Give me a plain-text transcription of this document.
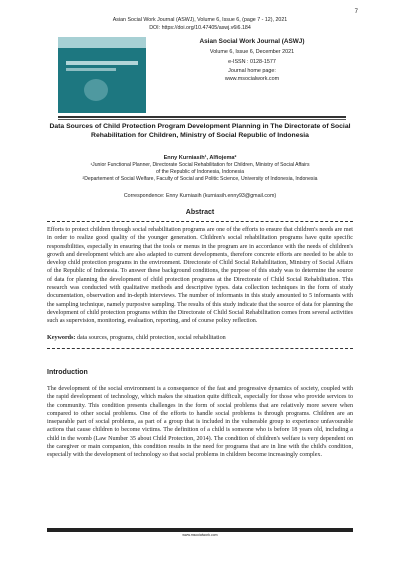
7
Asian Social Work Journal (ASWJ), Volume 6, Issue 6, (page 7 - 12), 2021
DOI: https://doi.org/10.47405/aswj.v6i6.184
Asian Social Work Journal (ASWJ)
Volume 6, Issue 6, December 2021
e-ISSN : 0128-1577
Journal home page:
www.msocialwork.com
Data Sources of Child Protection Program Development Planning in The Directorate of Social Rehabilitation for Children, Ministry of Social Republic of Indonesia
Enny Kurniasih¹, Alfiojema²
¹Junior Functional Planner, Directorate Social Rehabilitation for Children, Ministry of Social Affairs
of the Republic of Indonesia, Indonesia
²Departement of Social Welfare, Faculty of Social and Politic Science, University of Indonesia, Indonesia
Correspondence: Enny Kurniasih (kurniasih.enny93@gmail.com)
Abstract
Efforts to protect children through social rehabilitation programs are one of the efforts to ensure that children's needs are met in order to realize good quality of the younger generation. Children's social rehabilitation programs have quite specific responsibilities, especially in ensuring that the tools or menus in the program are in accordance with the needs of children's growth and development which are also adapted to current developments, therefore concrete efforts are needed to be able to develop child protection programs in the environment. Directorate of Child Social Rehabilitation, Ministry of Social Affairs of the Republic of Indonesia. To answer these background conditions, the purpose of this study was to determine the source of data for planning the development of child protection programs at the Directorate of Child Social Rehabilitation. This research was conducted with qualitative methods and descriptive types. data collection techniques in the form of study documentation, observation and in-depth interviews. The number of informants in this study amounted to 5 informants with the sampling technique, namely purposive sampling. The results of this study indicate that the source of data for planning the development of child protection programs within the Directorate of Child Social Rehabilitation comes from several activities such as supervision, monitoring, evaluation, reporting, and of course policy reflection.
Keywords: data sources, programs, child protection, social rehabilitation
Introduction
The development of the social environment is a consequence of the fast and progressive dynamics of society, coupled with the rapid development of technology, which makes the situation quite difficult, especially for those who provide services to the community. This condition presents challenges in the form of social problems that are relatively more severe when compared to other social problems. One of the efforts to handle social problems is through programs. Children are an inseparable part of social problems, as part of a group that is included in the vulnerable group to experience unfavourable actions that cause children to become victims. The definition of a child is someone who is before 18 years old, including a child in the womb (Law Number 35 about Child Protection, 2014). The condition of children's welfare is very dependent on the caregiver or main companion, this condition results in the need for programs that are in line with the child's condition, especially with the development of technology so that social problems in children become increasingly complex.
www.msocialwork.com
